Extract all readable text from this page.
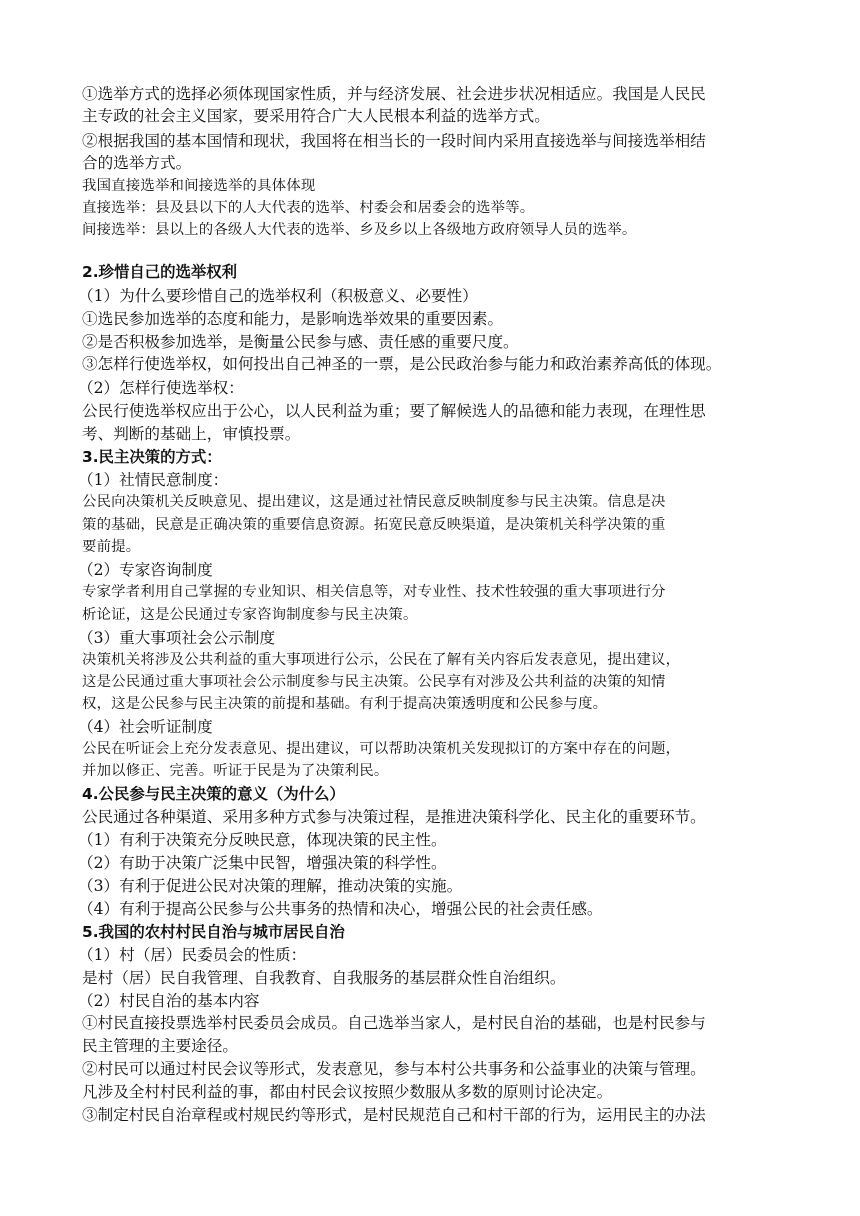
①选举方式的选择必须体现国家性质，并与经济发展、社会进步状况相适应。我国是人民民
主专政的社会主义国家，要采用符合广大人民根本利益的选举方式。
②根据我国的基本国情和现状，我国将在相当长的一段时间内采用直接选举与间接选举相结
合的选举方式。
我国直接选举和间接选举的具体体现
直接选举：县及县以下的人大代表的选举、村委会和居委会的选举等。
间接选举：县以上的各级人大代表的选举、乡及乡以上各级地方政府领导人员的选举。
2.珍惜自己的选举权利
（1）为什么要珍惜自己的选举权利（积极意义、必要性）
①选民参加选举的态度和能力，是影响选举效果的重要因素。
②是否积极参加选举，是衡量公民参与感、责任感的重要尺度。
③怎样行使选举权，如何投出自己神圣的一票，是公民政治参与能力和政治素养高低的体现。
（2）怎样行使选举权：
公民行使选举权应出于公心，以人民利益为重；要了解候选人的品德和能力表现，在理性思
考、判断的基础上，审慎投票。
3.民主决策的方式：
（1）社情民意制度：
公民向决策机关反映意见、提出建议，这是通过社情民意反映制度参与民主决策。信息是决
策的基础，民意是正确决策的重要信息资源。拓宽民意反映渠道，是决策机关科学决策的重
要前提。
（2）专家咨询制度
专家学者利用自己掌握的专业知识、相关信息等，对专业性、技术性较强的重大事项进行分
析论证，这是公民通过专家咨询制度参与民主决策。
（3）重大事项社会公示制度
决策机关将涉及公共利益的重大事项进行公示，公民在了解有关内容后发表意见，提出建议，
这是公民通过重大事项社会公示制度参与民主决策。公民享有对涉及公共利益的决策的知情
权，这是公民参与民主决策的前提和基础。有利于提高决策透明度和公民参与度。
（4）社会听证制度
公民在听证会上充分发表意见、提出建议，可以帮助决策机关发现拟订的方案中存在的问题，
并加以修正、完善。听证于民是为了决策利民。
4.公民参与民主决策的意义（为什么）
公民通过各种渠道、采用多种方式参与决策过程，是推进决策科学化、民主化的重要环节。
（1）有利于决策充分反映民意，体现决策的民主性。
（2）有助于决策广泛集中民智，增强决策的科学性。
（3）有利于促进公民对决策的理解，推动决策的实施。
（4）有利于提高公民参与公共事务的热情和决心，增强公民的社会责任感。
5.我国的农村村民自治与城市居民自治
（1）村（居）民委员会的性质：
是村（居）民自我管理、自我教育、自我服务的基层群众性自治组织。
（2）村民自治的基本内容
①村民直接投票选举村民委员会成员。自己选举当家人，是村民自治的基础，也是村民参与
民主管理的主要途径。
②村民可以通过村民会议等形式，发表意见，参与本村公共事务和公益事业的决策与管理。
凡涉及全村村民利益的事，都由村民会议按照少数服从多数的原则讨论决定。
③制定村民自治章程或村规民约等形式，是村民规范自己和村干部的行为，运用民主的办法
